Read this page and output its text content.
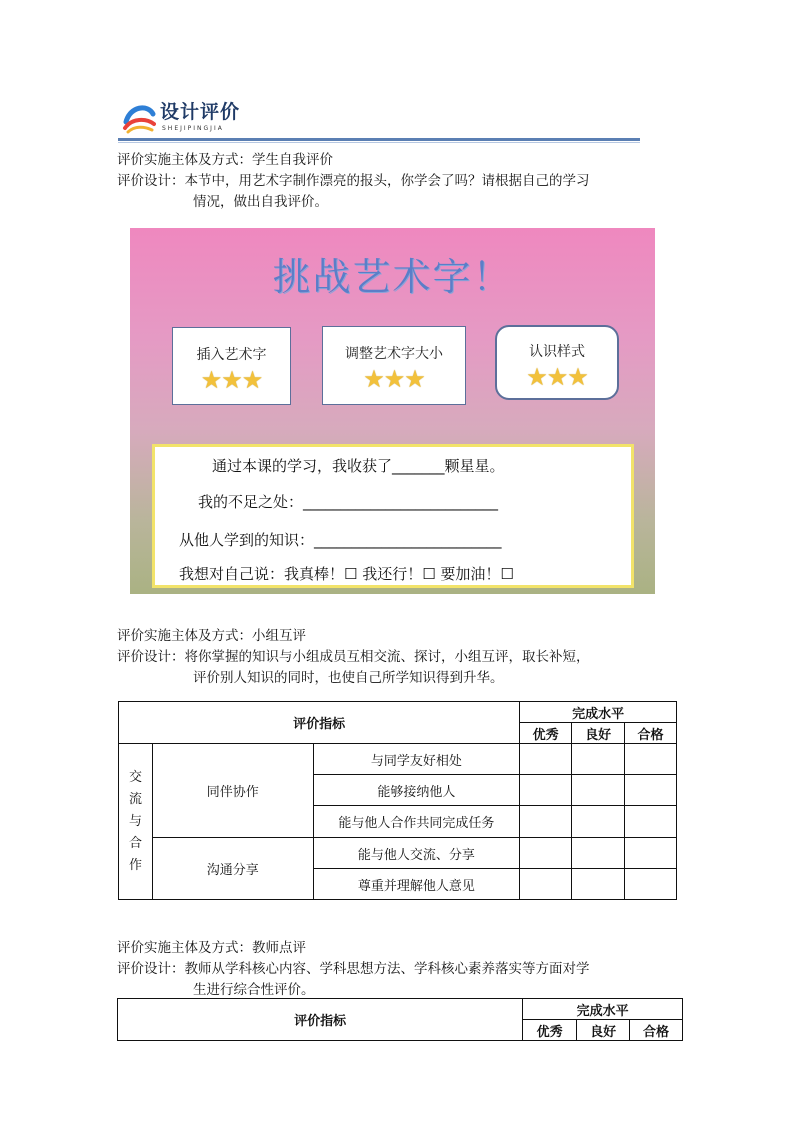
设计评价
SHEJIPINGJIA
评价实施主体及方式：学生自我评价
评价设计：本节中，用艺术字制作漂亮的报头，你学会了吗？请根据自己的学习
情况，做出自我评价。
挑战艺术字！
插入艺术字
★★★
调整艺术字大小
★★★
认识样式
★★★
通过本课的学习，我收获了_______颗星星。
我的不足之处：__________________________
从他人学到的知识：_________________________
我想对自己说：我真棒！☐ 我还行！☐ 要加油！☐
评价实施主体及方式：小组互评
评价设计：将你掌握的知识与小组成员互相交流、探讨，小组互评，取长补短，
评价别人知识的同时，也使自己所学知识得到升华。
评价指标			完成水平		
			优秀	良好	合格

交
流
与
合
作	同伴协作	与同学友好相处			
		能够接纳他人			
		能与他人合作共同完成任务			
	沟通分享	能与他人交流、分享			
		尊重并理解他人意见			
评价实施主体及方式：教师点评
评价设计：教师从学科核心内容、学科思想方法、学科核心素养落实等方面对学
生进行综合性评价。
评价指标	完成水平		
	优秀	良好	合格
